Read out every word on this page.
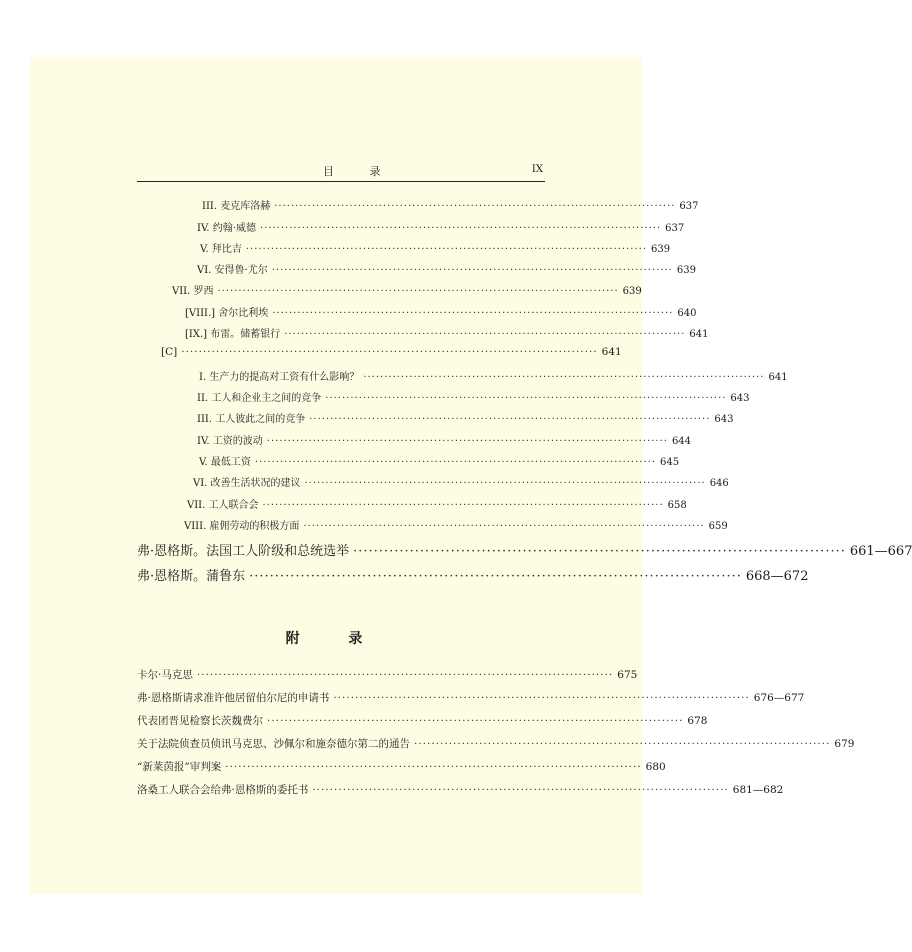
目 录	IX
III. 麦克库洛赫 ································································································ 637
IV. 约翰·威德 ································································································ 637
V. 拜比吉 ································································································ 639
VI. 安得鲁·尤尔 ································································································ 639
VII. 罗西 ································································································ 639
[VIII.] 舍尔比利埃 ································································································ 640
[IX.] 布雷。储蓄银行 ································································································ 641
[C] ································································································ 641
I. 生产力的提高对工资有什么影响？ ································································································ 641
II. 工人和企业主之间的竞争 ································································································ 643
III. 工人彼此之间的竞争 ································································································ 643
IV. 工资的波动 ································································································ 644
V. 最低工资 ································································································ 645
VI. 改善生活状况的建议 ································································································ 646
VII. 工人联合会 ································································································ 658
VIII. 雇佣劳动的积极方面 ································································································ 659
弗·恩格斯。法国工人阶级和总统选举 ································································································ 661—667
弗·恩格斯。蒲鲁东 ································································································ 668—672
附 录
卡尔·马克思 ································································································ 675
弗·恩格斯请求准许他居留伯尔尼的申请书 ································································································ 676—677
代表团晋见检察长茨魏费尔 ································································································ 678
关于法院侦查员侦讯马克思、沙佩尔和施奈德尔第二的通告 ································································································ 679
“新莱茵报”审判案 ································································································ 680
洛桑工人联合会给弗·恩格斯的委托书 ································································································ 681—682
